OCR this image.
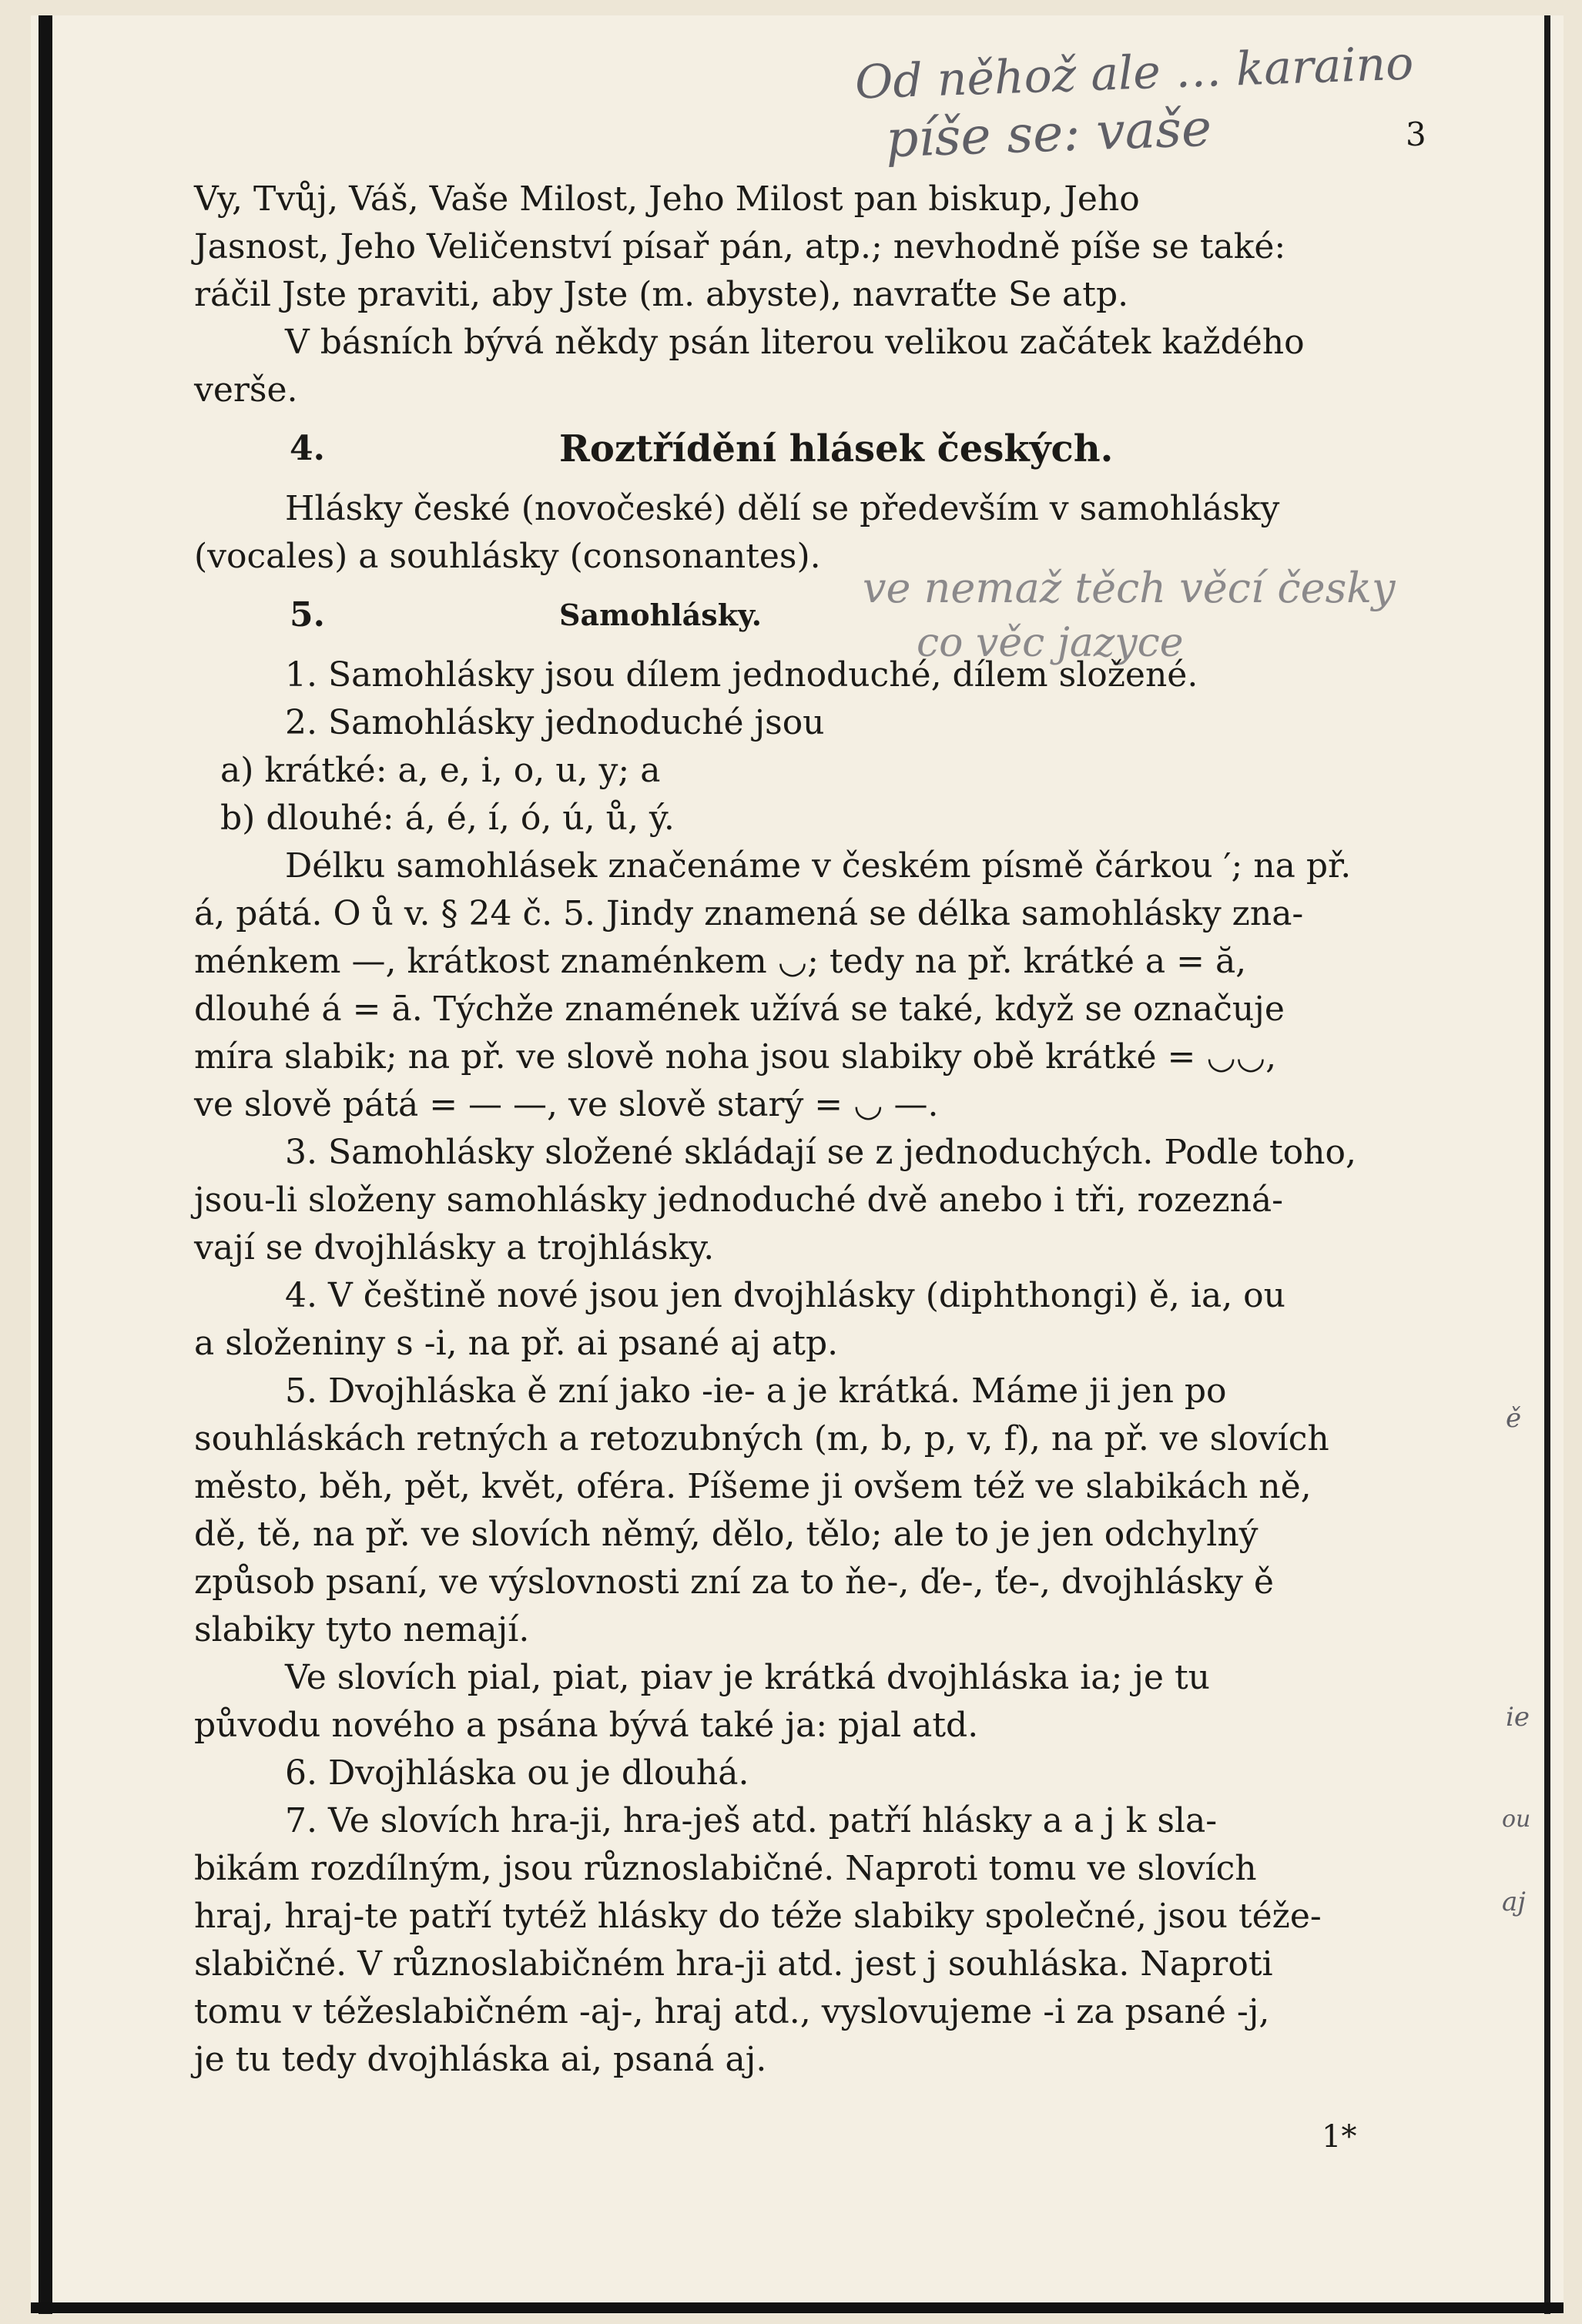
Od něhož ale … karaino
píše se: vaše
ve nemaž těch věcí česky
co věc jazyce
ě
ie
ou
aj
3

Vy, Tvůj, Váš, Vaše Milost, Jeho Milost pan biskup, Jeho
Jasnost, Jeho Veličenství písař pán, atp.; nevhodně píše se také:
ráčil Jste praviti, aby Jste (m. abyste), navraťte Se atp.
V básních bývá někdy psán literou velikou začátek každého
verše.

4.	Roztřídění hlásek českých.

Hlásky české (novočeské) dělí se především v samohlásky
(vocales) a souhlásky (consonantes).

5.	Samohlásky.

1. Samohlásky jsou dílem jednoduché, dílem složené.
2. Samohlásky jednoduché jsou
a) krátké: a, e, i, o, u, y; a
b) dlouhé: á, é, í, ó, ú, ů, ý.
Délku samohlásek značenáme v českém písmě čárkou ′; na př.
á, pátá. O ů v. § 24 č. 5. Jindy znamená se délka samohlásky zna-
ménkem —, krátkost znaménkem ◡; tedy na př. krátké a = ă,
dlouhé á = ā. Týchže znamének užívá se také, když se označuje
míra slabik; na př. ve slově noha jsou slabiky obě krátké = ◡◡,
ve slově pátá = — —, ve slově starý = ◡ —.
3. Samohlásky složené skládají se z jednoduchých. Podle toho,
jsou-li složeny samohlásky jednoduché dvě anebo i tři, rozezná-
vají se dvojhlásky a trojhlásky.
4. V češtině nové jsou jen dvojhlásky (diphthongi) ě, ia, ou
a složeniny s -i, na př. ai psané aj atp.
5. Dvojhláska ě zní jako -ie- a je krátká. Máme ji jen po
souhláskách retných a retozubných (m, b, p, v, f), na př. ve slovích
město, běh, pět, květ, oféra. Píšeme ji ovšem též ve slabikách ně,
dě, tě, na př. ve slovích němý, dělo, tělo; ale to je jen odchylný
způsob psaní, ve výslovnosti zní za to ňe-, ďe-, ťe-, dvojhlásky ě
slabiky tyto nemají.
Ve slovích pial, piat, piav je krátká dvojhláska ia; je tu
původu nového a psána bývá také ja: pjal atd.
6. Dvojhláska ou je dlouhá.
7. Ve slovích hra-ji, hra-ješ atd. patří hlásky a a j k sla-
bikám rozdílným, jsou různoslabičné. Naproti tomu ve slovích
hraj, hraj-te patří tytéž hlásky do téže slabiky společné, jsou téže-
slabičné. V různoslabičném hra-ji atd. jest j souhláska. Naproti
tomu v téžeslabičném -aj-, hraj atd., vyslovujeme -i za psané -j,
je tu tedy dvojhláska ai, psaná aj.

1*
